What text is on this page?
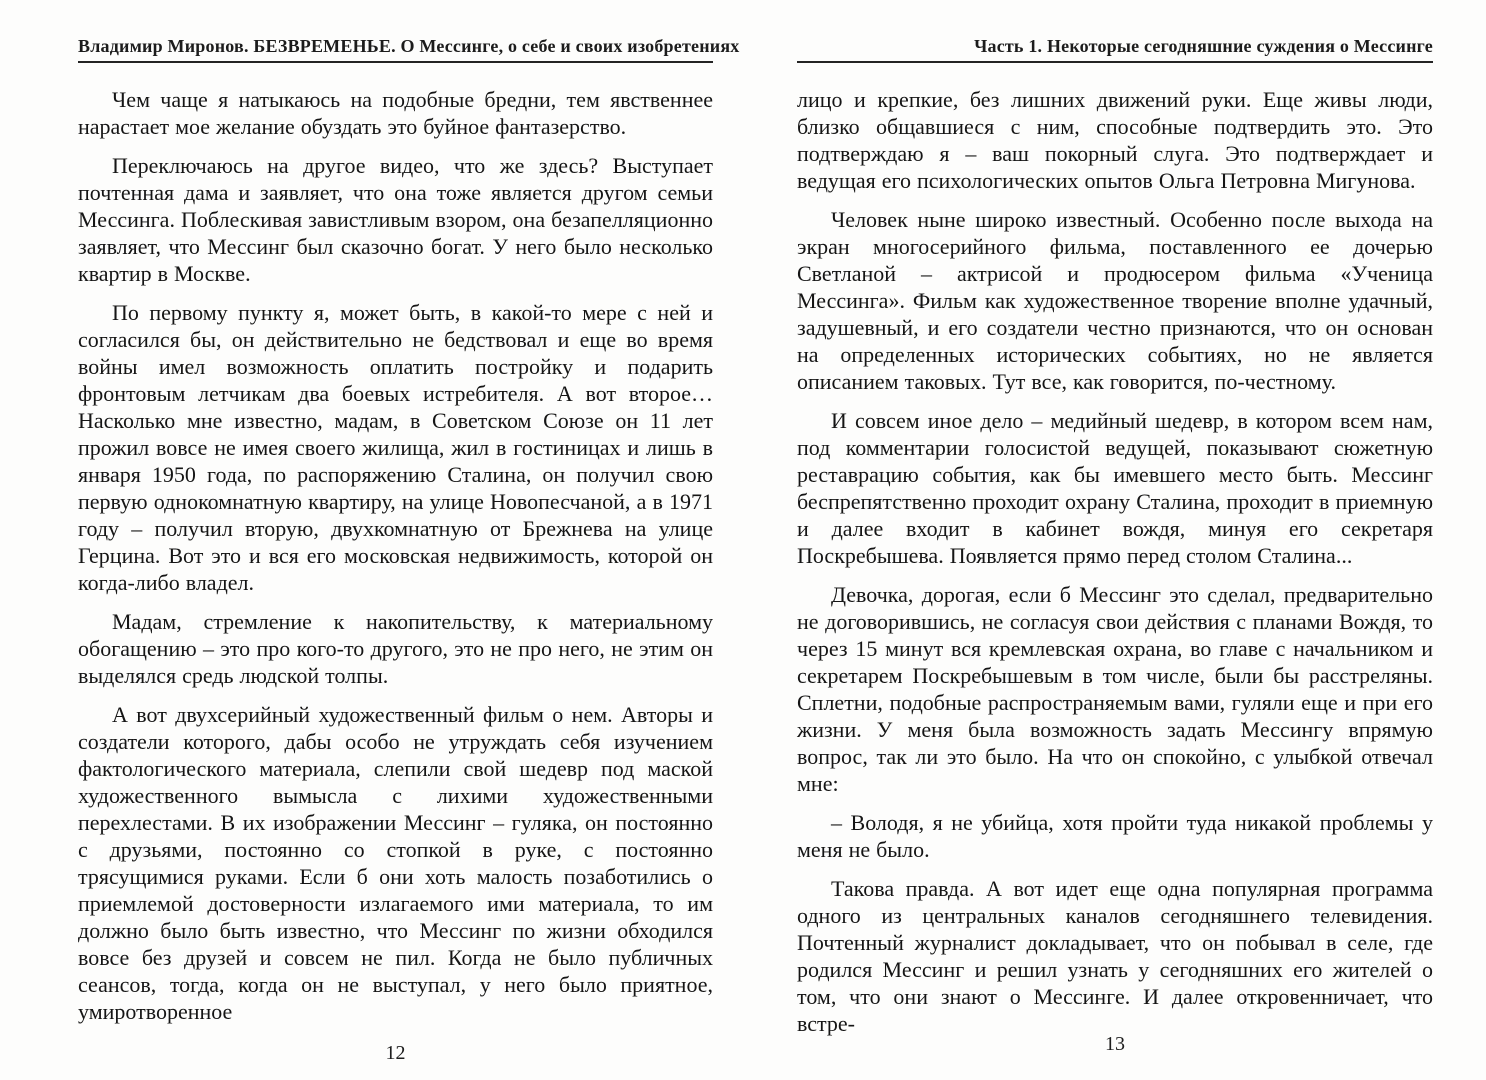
Владимир Миронов. БЕЗВРЕМЕНЬЕ. О Мессинге, о себе и своих изобретениях

Чем чаще я натыкаюсь на подобные бредни, тем явственнее нарастает мое желание обуздать это буйное фантазерство.

Переключаюсь на другое видео, что же здесь? Выступает почтенная дама и заявляет, что она тоже является другом семьи Мессинга. Поблескивая завистливым взором, она безапелляционно заявляет, что Мессинг был сказочно богат. У него было несколько квартир в Москве.

По первому пункту я, может быть, в какой-то мере с ней и согласился бы, он действительно не бедствовал и еще во время войны имел возможность оплатить постройку и подарить фронтовым летчикам два боевых истребителя. А вот второе… Насколько мне известно, мадам, в Советском Союзе он 11 лет прожил вовсе не имея своего жилища, жил в гостиницах и лишь в января 1950 года, по распоряжению Сталина, он получил свою первую однокомнатную квартиру, на улице Новопесчаной, а в 1971 году – получил вторую, двухкомнатную от Брежнева на улице Герцина. Вот это и вся его московская недвижимость, которой он когда-либо владел.

Мадам, стремление к накопительству, к материальному обогащению – это про кого-то другого, это не про него, не этим он выделялся средь людской толпы.

А вот двухсерийный художественный фильм о нем. Авторы и создатели которого, дабы особо не утруждать себя изучением фактологического материала, слепили свой шедевр под маской художественного вымысла с лихими художественными перехлестами. В их изображении Мессинг – гуляка, он постоянно с друзьями, постоянно со стопкой в руке, с постоянно трясущимися руками. Если б они хоть малость позаботились о приемлемой достоверности излагаемого ими материала, то им должно было быть известно, что Мессинг по жизни обходился вовсе без друзей и совсем не пил. Когда не было публичных сеансов, тогда, когда он не выступал, у него было приятное, умиротворенное

12
Часть 1. Некоторые сегодняшние суждения о Мессинге

лицо и крепкие, без лишних движений руки. Еще живы люди, близко общавшиеся с ним, способные подтвердить это. Это подтверждаю я – ваш покорный слуга. Это подтверждает и ведущая его психологических опытов Ольга Петровна Мигунова.

Человек ныне широко известный. Особенно после выхода на экран многосерийного фильма, поставленного ее дочерью Светланой – актрисой и продюсером фильма «Ученица Мессинга». Фильм как художественное творение вполне удачный, задушевный, и его создатели честно признаются, что он основан на определенных исторических событиях, но не является описанием таковых. Тут все, как говорится, по-честному.

И совсем иное дело – медийный шедевр, в котором всем нам, под комментарии голосистой ведущей, показывают сюжетную реставрацию события, как бы имевшего место быть. Мессинг беспрепятственно проходит охрану Сталина, проходит в приемную и далее входит в кабинет вождя, минуя его секретаря Поскребышева. Появляется прямо перед столом Сталина...

Девочка, дорогая, если б Мессинг это сделал, предварительно не договорившись, не согласуя свои действия с планами Вождя, то через 15 минут вся кремлевская охрана, во главе с начальником и секретарем Поскребышевым в том числе, были бы расстреляны. Сплетни, подобные распространяемым вами, гуляли еще и при его жизни. У меня была возможность задать Мессингу впрямую вопрос, так ли это было. На что он спокойно, с улыбкой отвечал мне:

– Володя, я не убийца, хотя пройти туда никакой проблемы у меня не было.

Такова правда. А вот идет еще одна популярная программа одного из центральных каналов сегодняшнего телевидения. Почтенный журналист докладывает, что он побывал в селе, где родился Мессинг и решил узнать у сегодняшних его жителей о том, что они знают о Мессинге. И далее откровенничает, что встре-

13
